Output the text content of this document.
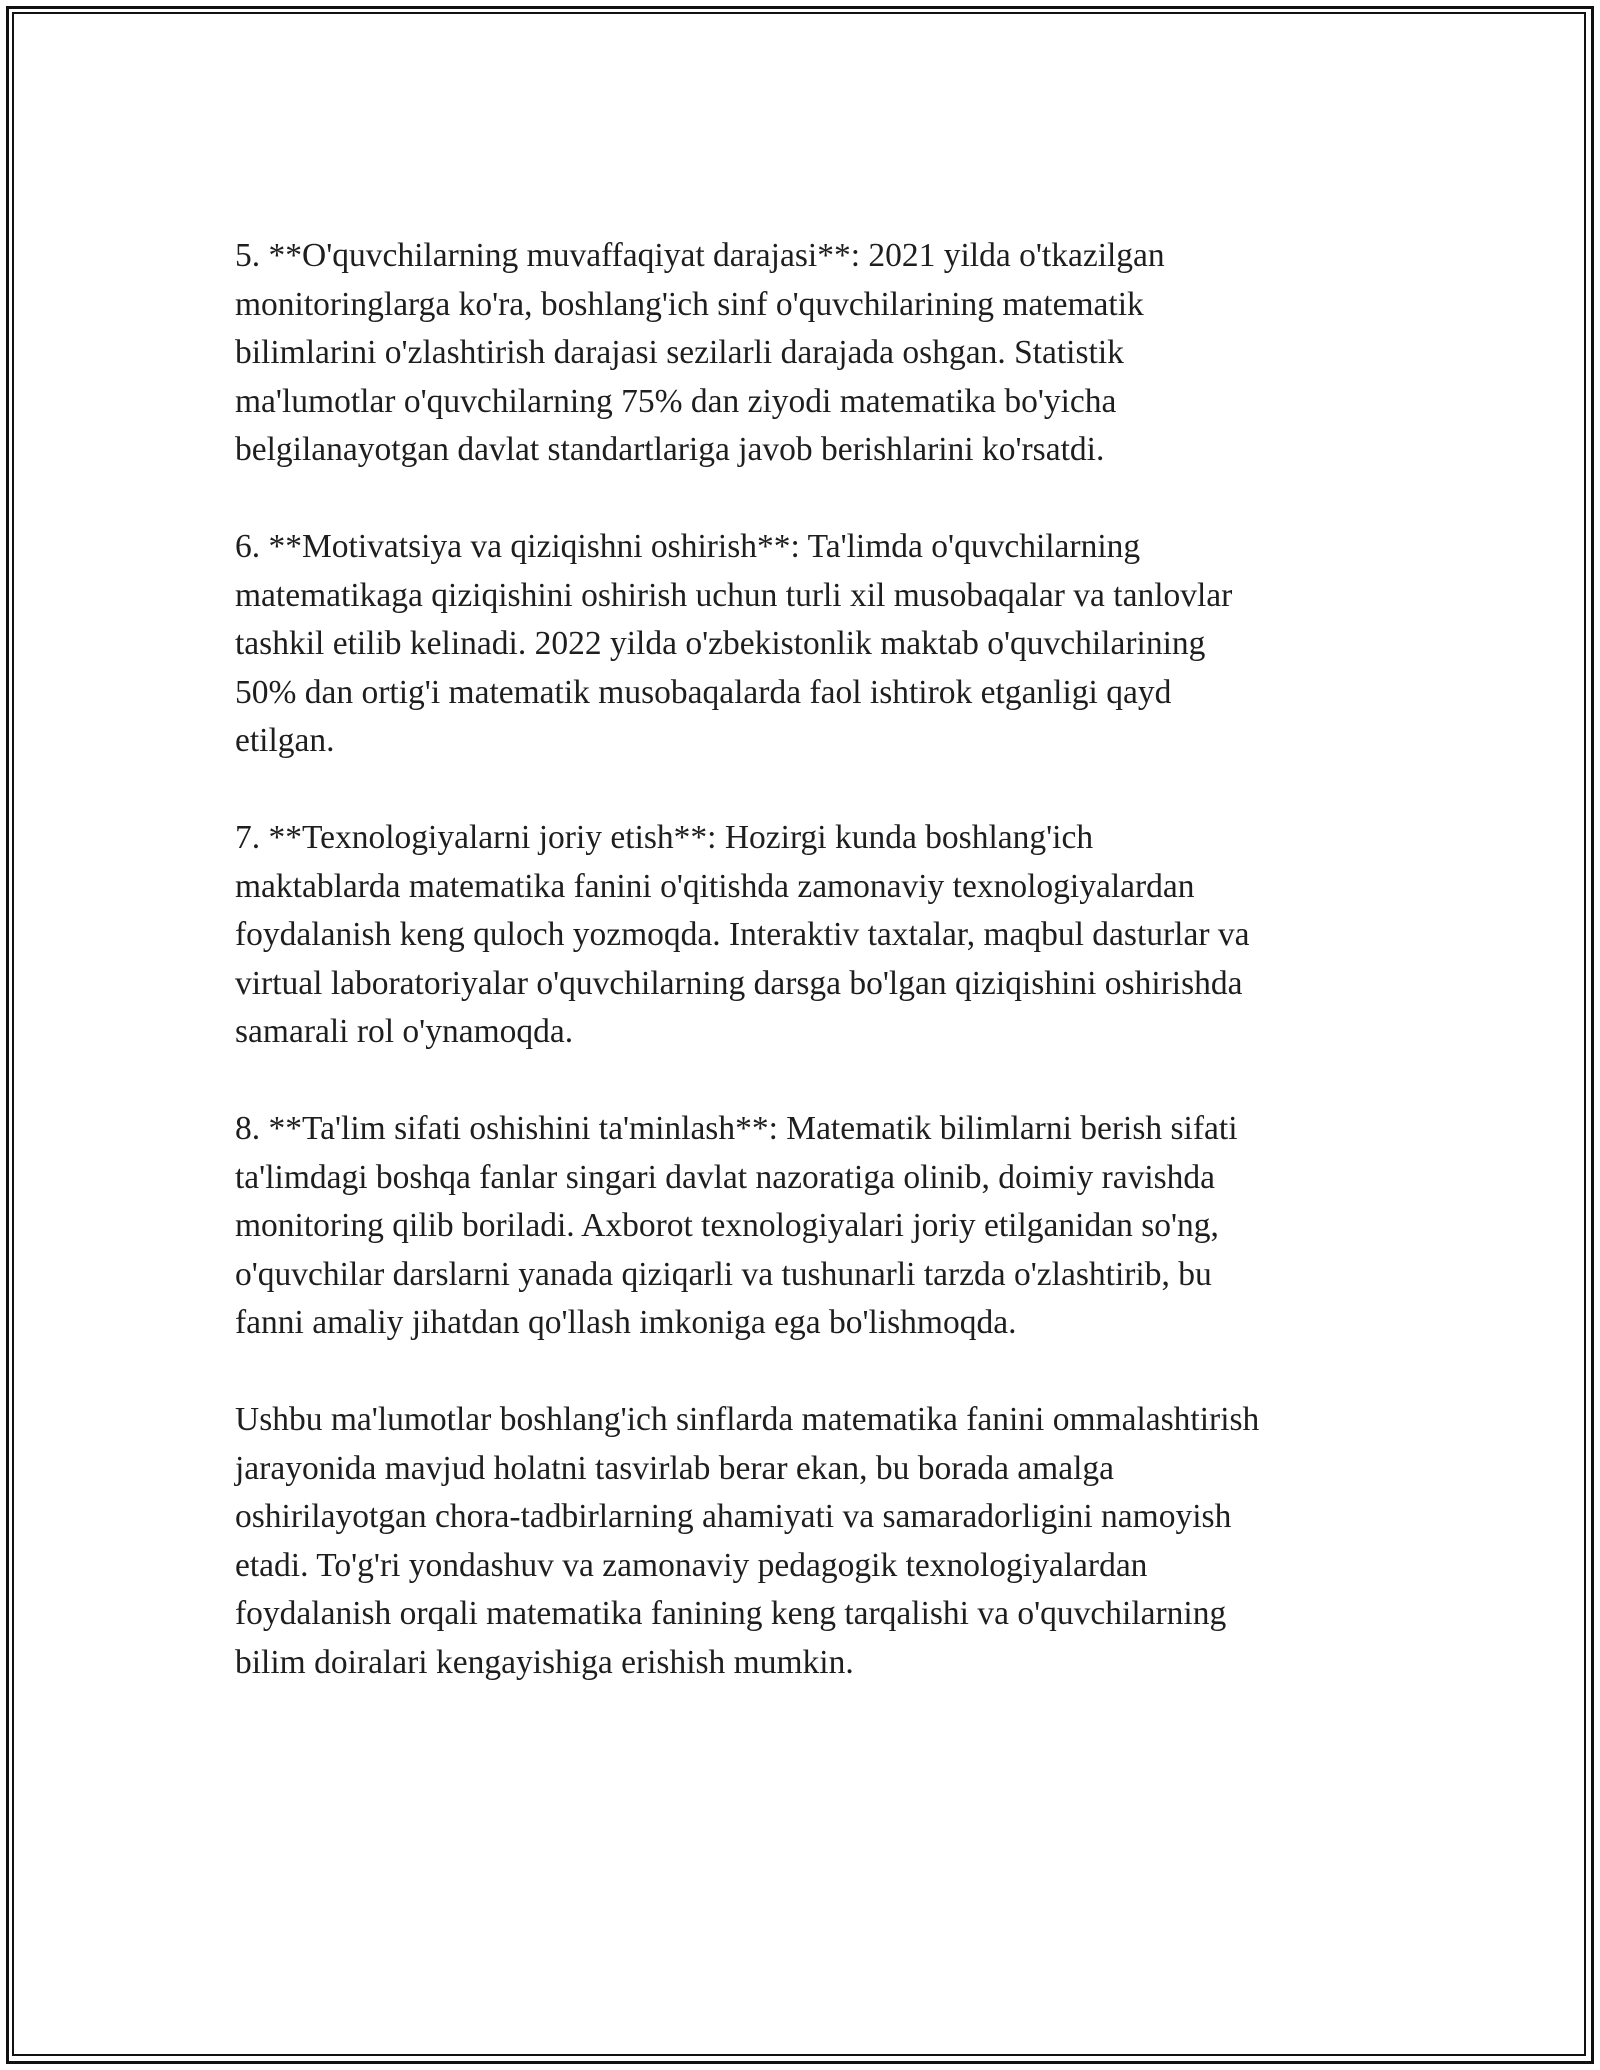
5. **O'quvchilarning muvaffaqiyat darajasi**: 2021 yilda o'tkazilgan
monitoringlarga ko'ra, boshlang'ich sinf o'quvchilarining matematik
bilimlarini o'zlashtirish darajasi sezilarli darajada oshgan. Statistik
ma'lumotlar o'quvchilarning 75% dan ziyodi matematika bo'yicha
belgilanayotgan davlat standartlariga javob berishlarini ko'rsatdi.

6. **Motivatsiya va qiziqishni oshirish**: Ta'limda o'quvchilarning
matematikaga qiziqishini oshirish uchun turli xil musobaqalar va tanlovlar
tashkil etilib kelinadi. 2022 yilda o'zbekistonlik maktab o'quvchilarining
50% dan ortig'i matematik musobaqalarda faol ishtirok etganligi qayd
etilgan.

7. **Texnologiyalarni joriy etish**: Hozirgi kunda boshlang'ich
maktablarda matematika fanini o'qitishda zamonaviy texnologiyalardan
foydalanish keng quloch yozmoqda. Interaktiv taxtalar, maqbul dasturlar va
virtual laboratoriyalar o'quvchilarning darsga bo'lgan qiziqishini oshirishda
samarali rol o'ynamoqda.

8. **Ta'lim sifati oshishini ta'minlash**: Matematik bilimlarni berish sifati
ta'limdagi boshqa fanlar singari davlat nazoratiga olinib, doimiy ravishda
monitoring qilib boriladi. Axborot texnologiyalari joriy etilganidan so'ng,
o'quvchilar darslarni yanada qiziqarli va tushunarli tarzda o'zlashtirib, bu
fanni amaliy jihatdan qo'llash imkoniga ega bo'lishmoqda.

Ushbu ma'lumotlar boshlang'ich sinflarda matematika fanini ommalashtirish
jarayonida mavjud holatni tasvirlab berar ekan, bu borada amalga
oshirilayotgan chora-tadbirlarning ahamiyati va samaradorligini namoyish
etadi. To'g'ri yondashuv va zamonaviy pedagogik texnologiyalardan
foydalanish orqali matematika fanining keng tarqalishi va o'quvchilarning
bilim doiralari kengayishiga erishish mumkin.
